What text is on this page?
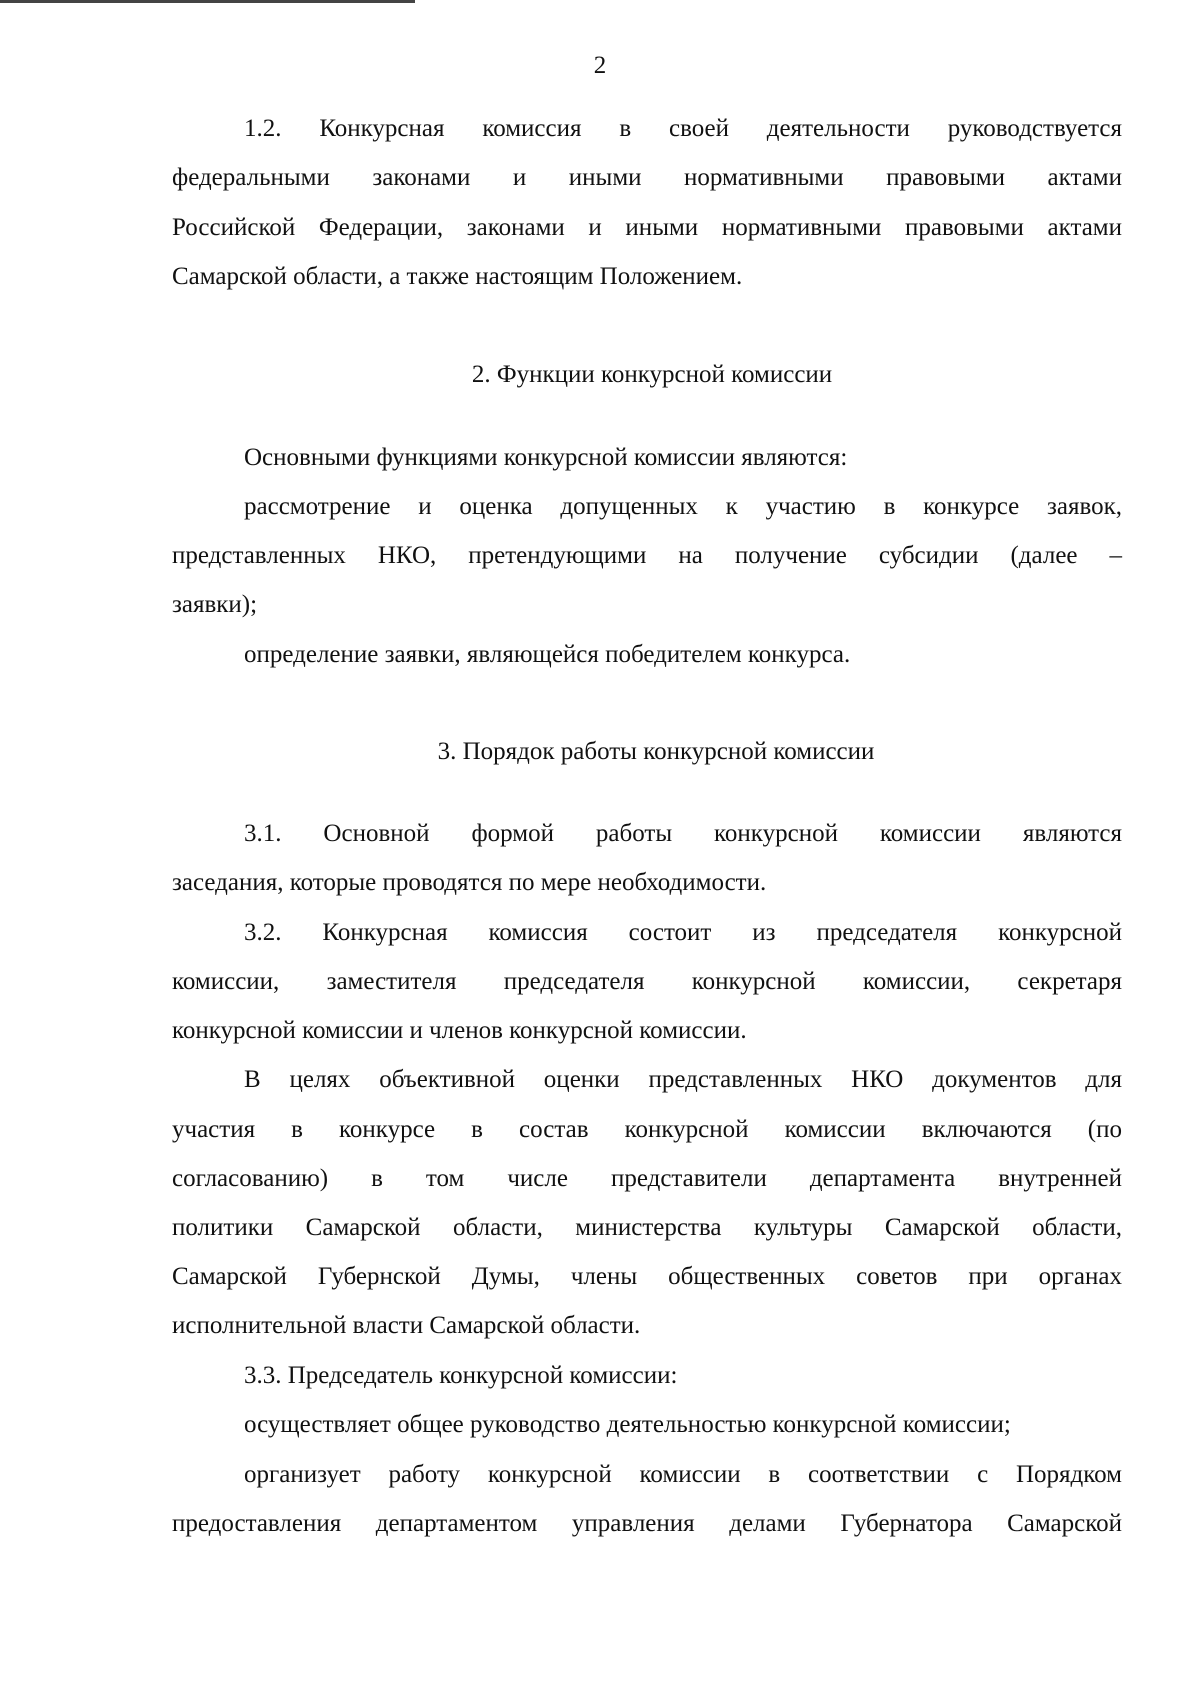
2
1.2. Конкурсная комиссия в своей деятельности руководствуется
федеральными законами и иными нормативными правовыми актами
Российской Федерации, законами и иными нормативными правовыми актами
Самарской области, а также настоящим Положением.
2. Функции конкурсной комиссии
Основными функциями конкурсной комиссии являются:
рассмотрение и оценка допущенных к участию в конкурсе заявок,
представленных НКО, претендующими на получение субсидии (далее –
заявки);
определение заявки, являющейся победителем конкурса.
3. Порядок работы конкурсной комиссии
3.1. Основной формой работы конкурсной комиссии являются
заседания, которые проводятся по мере необходимости.
3.2. Конкурсная комиссия состоит из председателя конкурсной
комиссии, заместителя председателя конкурсной комиссии, секретаря
конкурсной комиссии и членов конкурсной комиссии.
В целях объективной оценки представленных НКО документов для
участия в конкурсе в состав конкурсной комиссии включаются (по
согласованию) в том числе представители департамента внутренней
политики Самарской области, министерства культуры Самарской области,
Самарской Губернской Думы, члены общественных советов при органах
исполнительной власти Самарской области.
3.3. Председатель конкурсной комиссии:
осуществляет общее руководство деятельностью конкурсной комиссии;
организует работу конкурсной комиссии в соответствии с Порядком
предоставления департаментом управления делами Губернатора Самарской
